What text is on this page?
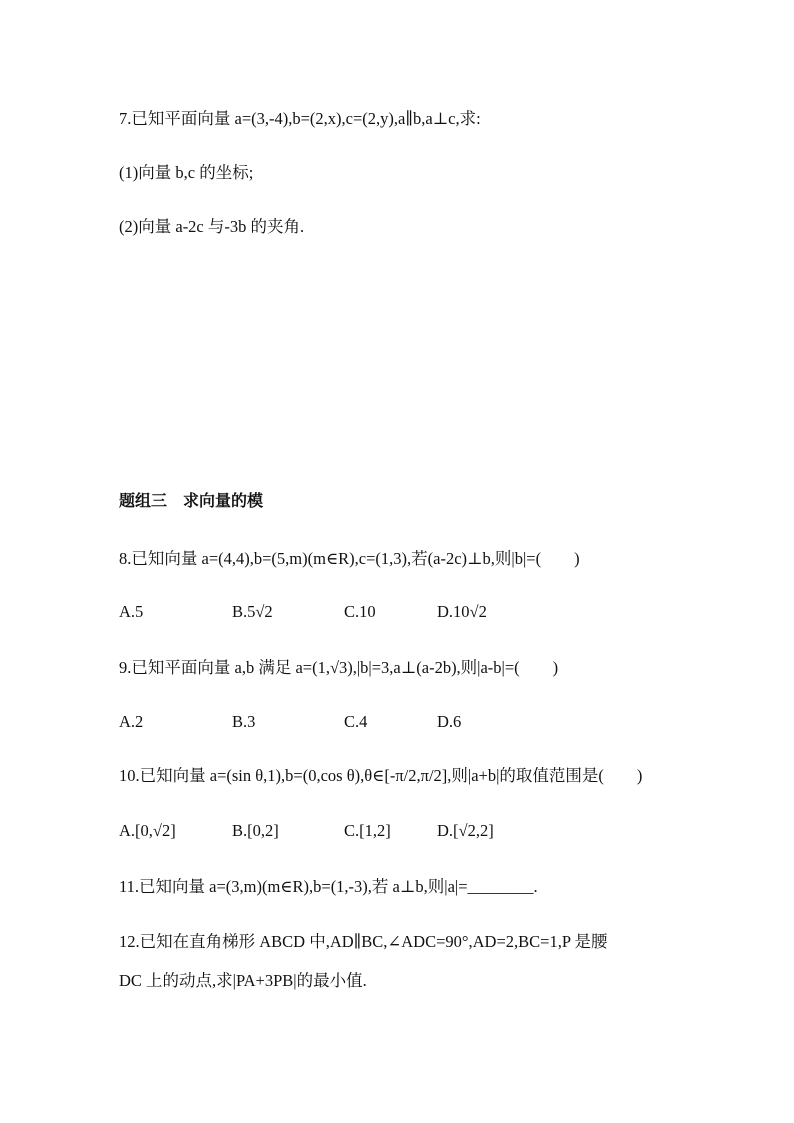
7.已知平面向量 a=(3,-4),b=(2,x),c=(2,y),a∥b,a⊥c,求:
(1)向量 b,c 的坐标;
(2)向量 a-2c 与-3b 的夹角.
题组三　求向量的模
8.已知向量 a=(4,4),b=(5,m)(m∈R),c=(1,3),若(a-2c)⊥b,则|b|=(　　)
A.5	B.5√2	C.10	D.10√2
9.已知平面向量 a,b 满足 a=(1,√3),|b|=3,a⊥(a-2b),则|a-b|=(　　)
A.2	B.3	C.4	D.6
10.已知向量 a=(sin θ,1),b=(0,cos θ),θ∈[-π/2,π/2],则|a+b|的取值范围是(　　)
A.[0,√2]	B.[0,2]	C.[1,2]	D.[√2,2]
11.已知向量 a=(3,m)(m∈R),b=(1,-3),若 a⊥b,则|a|=________.
12.已知在直角梯形 ABCD 中,AD∥BC,∠ADC=90°,AD=2,BC=1,P 是腰
DC 上的动点,求|PA+3PB|的最小值.
